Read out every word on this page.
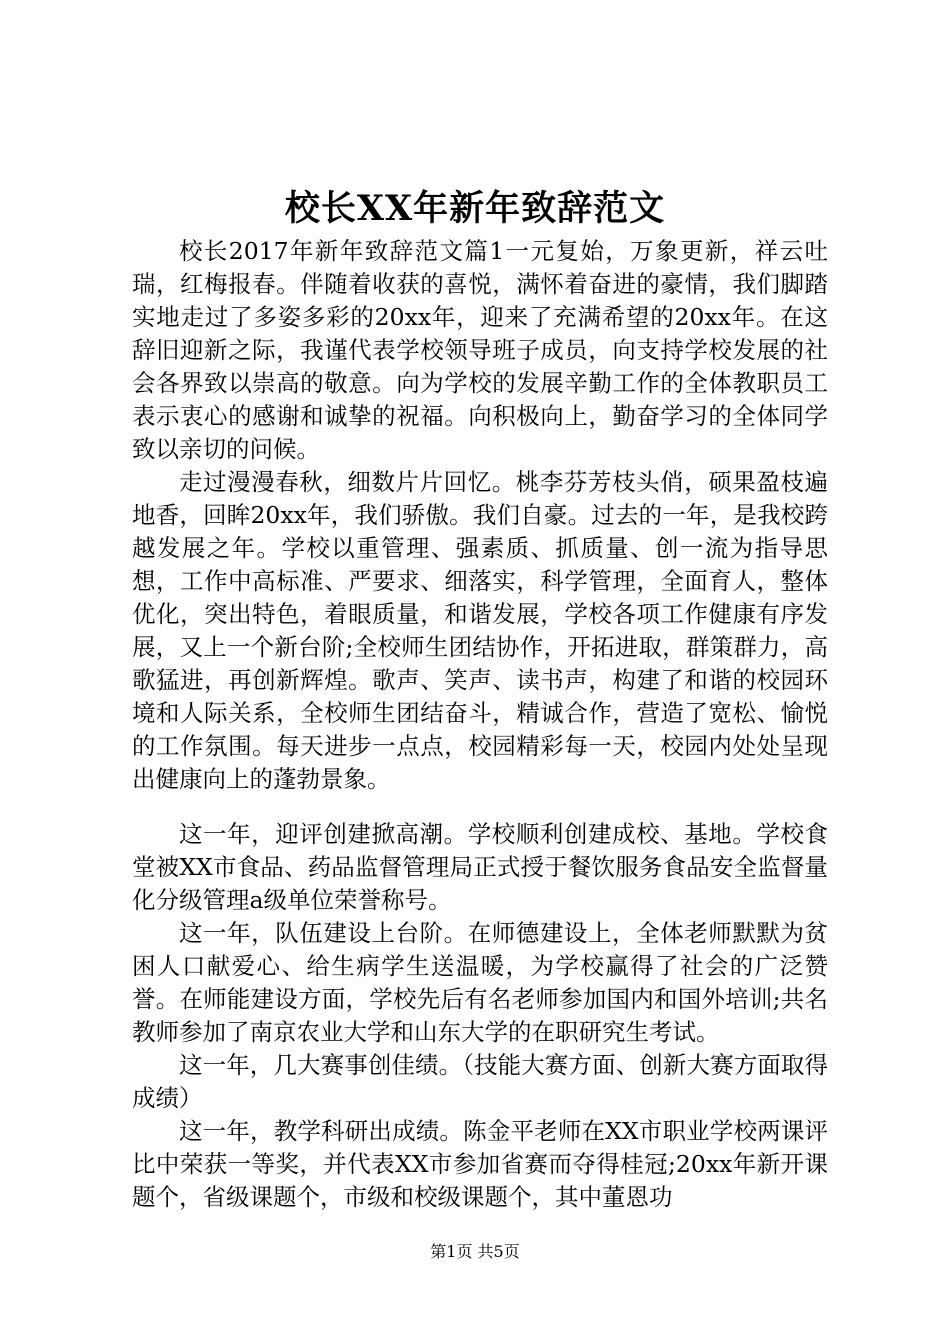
校长XX年新年致辞范文

校长2017年新年致辞范文篇1一元复始，万象更新，祥云吐瑞，红梅报春。伴随着收获的喜悦，满怀着奋进的豪情，我们脚踏实地走过了多姿多彩的20xx年，迎来了充满希望的20xx年。在这辞旧迎新之际，我谨代表学校领导班子成员，向支持学校发展的社会各界致以崇高的敬意。向为学校的发展辛勤工作的全体教职员工表示衷心的感谢和诚挚的祝福。向积极向上，勤奋学习的全体同学致以亲切的问候。

走过漫漫春秋，细数片片回忆。桃李芬芳枝头俏，硕果盈枝遍地香，回眸20xx年，我们骄傲。我们自豪。过去的一年，是我校跨越发展之年。学校以重管理、强素质、抓质量、创一流为指导思想，工作中高标准、严要求、细落实，科学管理，全面育人，整体优化，突出特色，着眼质量，和谐发展，学校各项工作健康有序发展，又上一个新台阶;全校师生团结协作，开拓进取，群策群力，高歌猛进，再创新辉煌。歌声、笑声、读书声，构建了和谐的校园环境和人际关系，全校师生团结奋斗，精诚合作，营造了宽松、愉悦的工作氛围。每天进步一点点，校园精彩每一天，校园内处处呈现出健康向上的蓬勃景象。

这一年，迎评创建掀高潮。学校顺利创建成校、基地。学校食堂被XX市食品、药品监督管理局正式授于餐饮服务食品安全监督量化分级管理a级单位荣誉称号。

这一年，队伍建设上台阶。在师德建设上，全体老师默默为贫困人口献爱心、给生病学生送温暖，为学校赢得了社会的广泛赞誉。在师能建设方面，学校先后有名老师参加国内和国外培训;共名教师参加了南京农业大学和山东大学的在职研究生考试。

这一年，几大赛事创佳绩。（技能大赛方面、创新大赛方面取得成绩）

这一年，教学科研出成绩。陈金平老师在XX市职业学校两课评比中荣获一等奖，并代表XX市参加省赛而夺得桂冠;20xx年新开课题个，省级课题个，市级和校级课题个，其中董恩功

第1页 共5页
